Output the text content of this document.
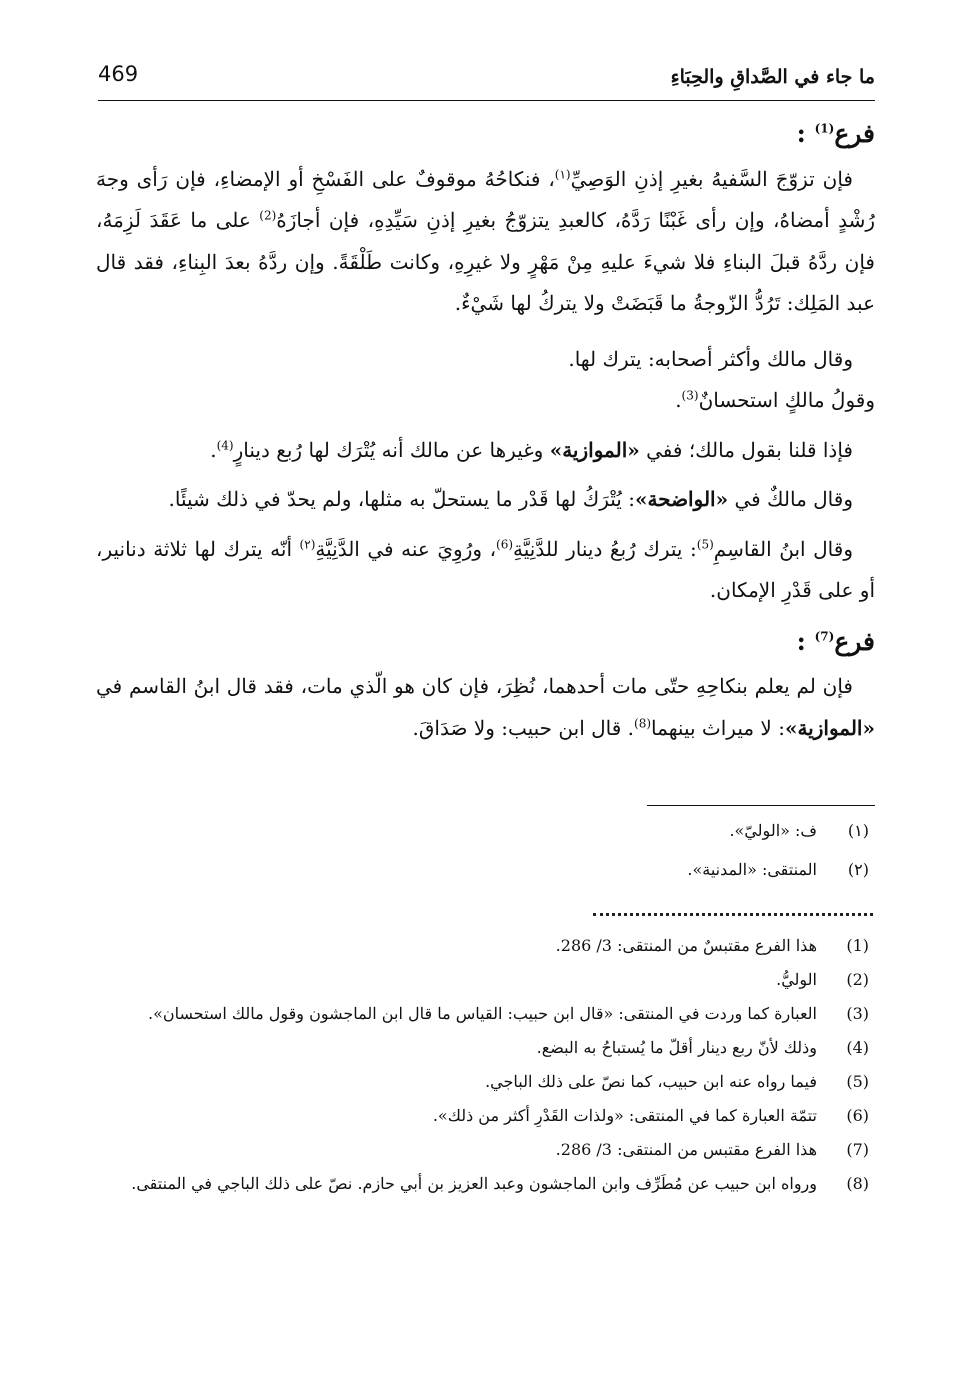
469	ما جاء في الصَّداقِ والحِبَاءِ
فرع$^{(1)}$ :

فإن تزوّجَ السَّفيهُ بغيرِ إذنِ الوَصِيِّ$^{(١)}$، فنكاحُهُ موقوفٌ على الفَسْخِ أو الإمضاءِ، فإن رَأى وجهَ رُشْدٍ أمضاهُ، وإن رأى غَبْنًا رَدَّهُ، كالعبدِ يتزوّجُ بغيرِ إذنِ سَيِّدِهِ، فإن أجازَهُ$^{(2)}$ على ما عَقَدَ لَزِمَهُ، فإن ردَّهُ قبلَ البناءِ فلا شيءَ عليهِ مِنْ مَهْرٍ ولا غيرِهِ، وكانت طَلْقَةً. وإن ردَّهُ بعدَ البِناءِ، فقد قال عبد المَلِك: تَرُدُّ الزّوجةُ ما قَبَضَتْ ولا يتركُ لها شَيْءٌ.

وقال مالك وأكثر أصحابه: يترك لها.
وقولُ مالكٍ استحسانٌ$^{(3)}$.

فإذا قلنا بقول مالك؛ ففي «الموازية» وغيرها عن مالك أنه يُتْرَك لها رُبع دينارٍ$^{(4)}$.

وقال مالكٌ في «الواضحة»: يُتْرَكُ لها قَدْر ما يستحلّ به مثلها، ولم يحدّ في ذلك شيئًا.

وقال ابنُ القاسِمِ$^{(5)}$: يترك رُبعُ دينار للدَّنِيَّةِ$^{(6)}$، ورُوِيَ عنه في الدَّنِيَّةِ$^{(٢)}$ أنّه يترك لها ثلاثة دنانير، أو على قَدْرِ الإمكان.

فرع$^{(7)}$ :

فإن لم يعلم بنكاحِهِ حتّى مات أحدهما، نُظِرَ، فإن كان هو الّذي مات، فقد قال ابنُ القاسم في «الموازية»: لا ميراث بينهما$^{(8)}$. قال ابن حبيب: ولا صَدَاقَ.

(١)
ف: «الوليّ».
(٢)
المنتقى: «المدنية».
(1)
هذا الفرع مقتبسٌ من المنتقى: 3/ 286.
(2)
الوليُّ.
(3)
العبارة كما وردت في المنتقى: «قال ابن حبيب: القياس ما قال ابن الماجشون وقول مالك استحسان».
(4)
وذلك لأنّ ربع دينار أقلّ ما يُستباحُ به البضع.
(5)
فيما رواه عنه ابن حبيب، كما نصّ على ذلك الباجي.
(6)
تتمّة العبارة كما في المنتقى: «ولذات القَدْرِ أكثر من ذلك».
(7)
هذا الفرع مقتبس من المنتقى: 3/ 286.
(8)
ورواه ابن حبيب عن مُطَرِّف وابن الماجشون وعبد العزيز بن أبي حازم. نصّ على ذلك الباجي في المنتقى.
